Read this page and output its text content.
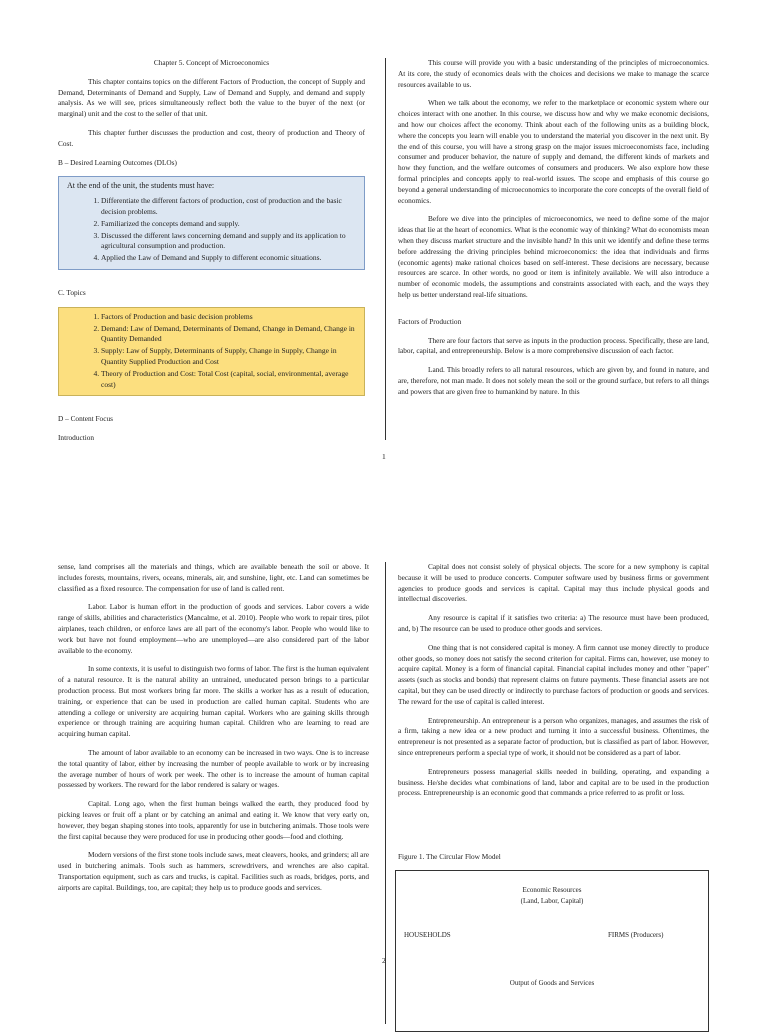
Chapter 5. Concept of Microeconomics

This chapter contains topics on the different Factors of Production, the concept of Supply and Demand, Determinants of Demand and Supply, Law of Demand and Supply, and demand and supply analysis. As we will see, prices simultaneously reflect both the value to the buyer of the next (or marginal) unit and the cost to the seller of that unit.

This chapter further discusses the production and cost, theory of production and Theory of Cost.

B – Desired Learning Outcomes (DLOs)

At the end of the unit, the students must have:
1. Differentiate the different factors of production, cost of production and the basic decision problems.
2. Familiarized the concepts demand and supply.
3. Discussed the different laws concerning demand and supply and its application to agricultural consumption and production.
4. Applied the Law of Demand and Supply to different economic situations.

C. Topics

1. Factors of Production and basic decision problems
2. Demand: Law of Demand, Determinants of Demand, Change in Demand, Change in Quantity Demanded
3. Supply: Law of Supply, Determinants of Supply, Change in Supply, Change in Quantity Supplied Production and Cost
4. Theory of Production and Cost: Total Cost (capital, social, environmental, average cost)

D – Content Focus

Introduction

This course will provide you with a basic understanding of the principles of microeconomics. At its core, the study of economics deals with the choices and decisions we make to manage the scarce resources available to us.

When we talk about the economy, we refer to the marketplace or economic system where our choices interact with one another. In this course, we discuss how and why we make economic decisions, and how our choices affect the economy. Think about each of the following units as a building block, where the concepts you learn will enable you to understand the material you discover in the next unit. By the end of this course, you will have a strong grasp on the major issues microeconomists face, including consumer and producer behavior, the nature of supply and demand, the different kinds of markets and how they function, and the welfare outcomes of consumers and producers. We also explore how these formal principles and concepts apply to real-world issues. The scope and emphasis of this course go beyond a general understanding of microeconomics to incorporate the core concepts of the overall field of economics.

Before we dive into the principles of microeconomics, we need to define some of the major ideas that lie at the heart of economics. What is the economic way of thinking? What do economists mean when they discuss market structure and the invisible hand? In this unit we identify and define these terms before addressing the driving principles behind microeconomics: the idea that individuals and firms (economic agents) make rational choices based on self-interest. These decisions are necessary, because resources are scarce. In other words, no good or item is infinitely available. We will also introduce a number of economic models, the assumptions and constraints associated with each, and the ways they help us better understand real-life situations.

Factors of Production

There are four factors that serve as inputs in the production process. Specifically, these are land, labor, capital, and entrepreneurship. Below is a more comprehensive discussion of each factor.

Land. This broadly refers to all natural resources, which are given by, and found in nature, and are, therefore, not man made. It does not solely mean the soil or the ground surface, but refers to all things and powers that are given free to humankind by nature. In this

1

sense, land comprises all the materials and things, which are available beneath the soil or above. It includes forests, mountains, rivers, oceans, minerals, air, and sunshine, light, etc. Land can sometimes be classified as a fixed resource. The compensation for use of land is called rent.

Labor. Labor is human effort in the production of goods and services. Labor covers a wide range of skills, abilities and characteristics (Mancalme, et al. 2010). People who work to repair tires, pilot airplanes, teach children, or enforce laws are all part of the economy's labor. People who would like to work but have not found employment—who are unemployed—are also considered part of the labor available to the economy.

In some contexts, it is useful to distinguish two forms of labor. The first is the human equivalent of a natural resource. It is the natural ability an untrained, uneducated person brings to a particular production process. But most workers bring far more. The skills a worker has as a result of education, training, or experience that can be used in production are called human capital. Students who are attending a college or university are acquiring human capital. Workers who are gaining skills through experience or through training are acquiring human capital. Children who are learning to read are acquiring human capital.

The amount of labor available to an economy can be increased in two ways. One is to increase the total quantity of labor, either by increasing the number of people available to work or by increasing the average number of hours of work per week. The other is to increase the amount of human capital possessed by workers. The reward for the labor rendered is salary or wages.

Capital. Long ago, when the first human beings walked the earth, they produced food by picking leaves or fruit off a plant or by catching an animal and eating it. We know that very early on, however, they began shaping stones into tools, apparently for use in butchering animals. Those tools were the first capital because they were produced for use in producing other goods—food and clothing.

Modern versions of the first stone tools include saws, meat cleavers, hooks, and grinders; all are used in butchering animals. Tools such as hammers, screwdrivers, and wrenches are also capital. Transportation equipment, such as cars and trucks, is capital. Facilities such as roads, bridges, ports, and airports are capital. Buildings, too, are capital; they help us to produce goods and services.

Capital does not consist solely of physical objects. The score for a new symphony is capital because it will be used to produce concerts. Computer software used by business firms or government agencies to produce goods and services is capital. Capital may thus include physical goods and intellectual discoveries.

Any resource is capital if it satisfies two criteria: a) The resource must have been produced, and, b) The resource can be used to produce other goods and services.

One thing that is not considered capital is money. A firm cannot use money directly to produce other goods, so money does not satisfy the second criterion for capital. Firms can, however, use money to acquire capital. Money is a form of financial capital. Financial capital includes money and other "paper" assets (such as stocks and bonds) that represent claims on future payments. These financial assets are not capital, but they can be used directly or indirectly to purchase factors of production or goods and services. The reward for the use of capital is called interest.

Entrepreneurship. An entrepreneur is a person who organizes, manages, and assumes the risk of a firm, taking a new idea or a new product and turning it into a successful business. Oftentimes, the entrepreneur is not presented as a separate factor of production, but is classified as part of labor. However, since entrepreneurs perform a special type of work, it should not be considered as a part of labor.

Entrepreneurs possess managerial skills needed in building, operating, and expanding a business. He/she decides what combinations of land, labor and capital are to be used in the production process. Entrepreneurship is an economic good that commands a price referred to as profit or loss.

Figure 1. The Circular Flow Model
Economic Resources
(Land, Labor, Capital)
HOUSEHOLDS	FIRMS (Producers)
Output of Goods and Services
2
